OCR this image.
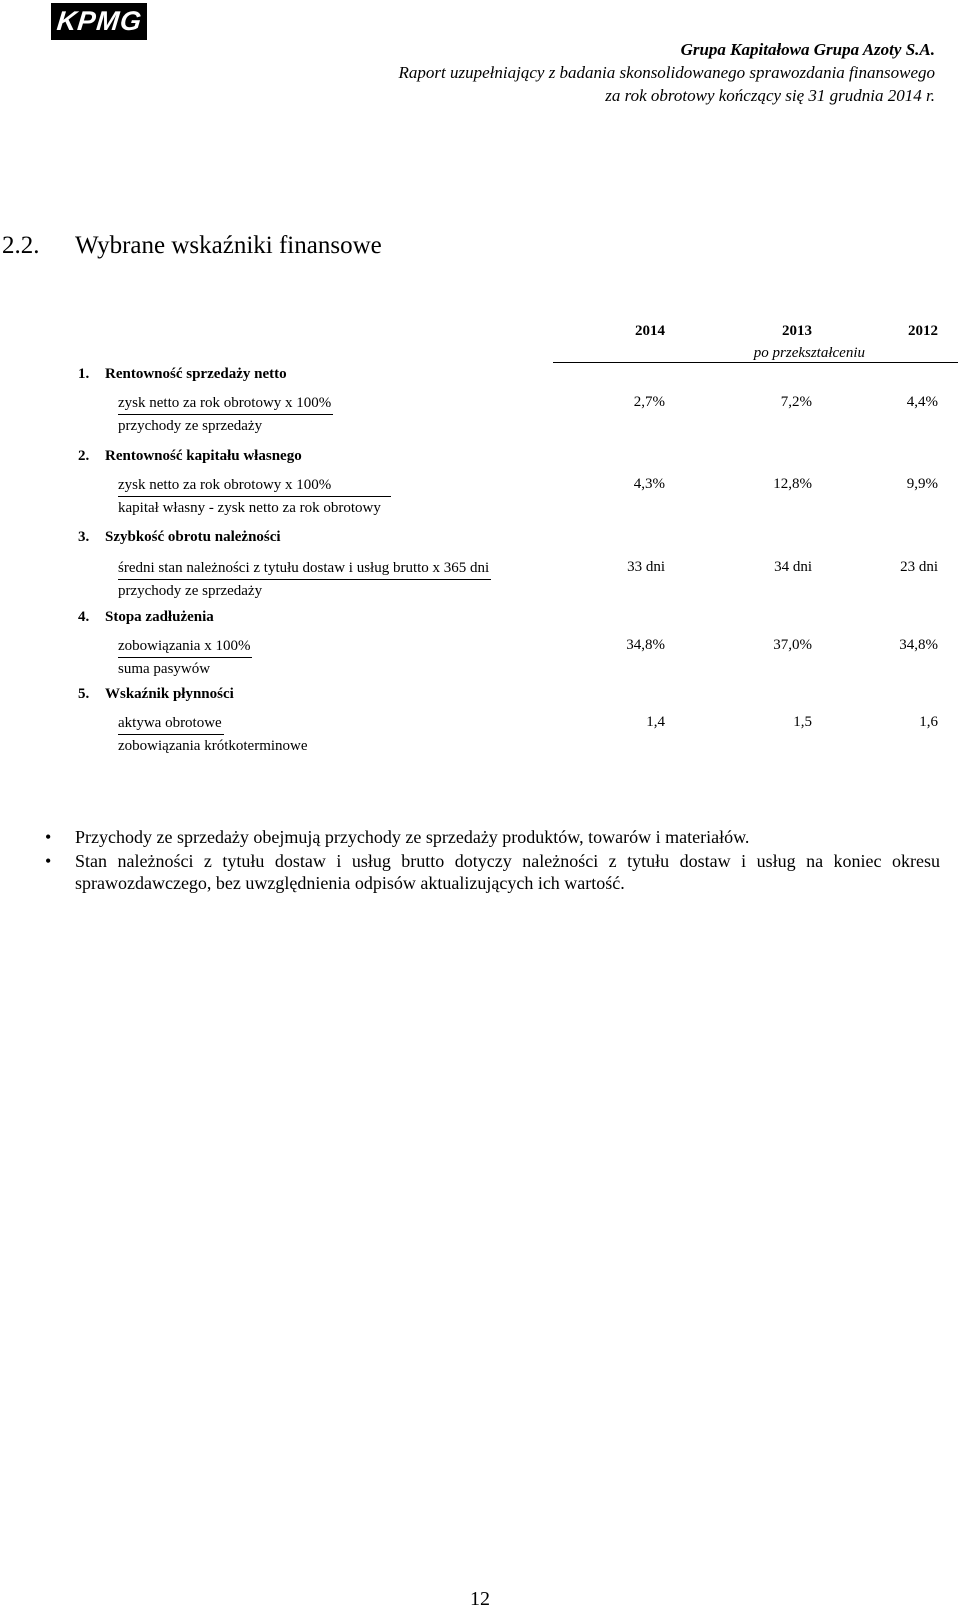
KPMG
Grupa Kapitałowa Grupa Azoty S.A.
Raport uzupełniający z badania skonsolidowanego sprawozdania finansowego
za rok obrotowy kończący się 31 grudnia 2014 r.
2.2.	Wybrane wskaźniki finansowe
2014	2013	2012
po przekształceniu
1. Rentowność sprzedaży netto
zysk netto za rok obrotowy x 100%
przychody ze sprzedaży
2,7%	7,2%	4,4%
2. Rentowność kapitału własnego
zysk netto za rok obrotowy x 100%
kapitał własny - zysk netto za rok obrotowy
4,3%	12,8%	9,9%
3. Szybkość obrotu należności
średni stan należności z tytułu dostaw i usług brutto x 365 dni
przychody ze sprzedaży
33 dni	34 dni	23 dni
4. Stopa zadłużenia
zobowiązania x 100%
suma pasywów
34,8%	37,0%	34,8%
5. Wskaźnik płynności
aktywa obrotowe
zobowiązania krótkoterminowe
1,4	1,5	1,6
• Przychody ze sprzedaży obejmują przychody ze sprzedaży produktów, towarów i materiałów.
• Stan należności z tytułu dostaw i usług brutto dotyczy należności z tytułu dostaw i usług na koniec okresu sprawozdawczego, bez uwzględnienia odpisów aktualizujących ich wartość.
12
